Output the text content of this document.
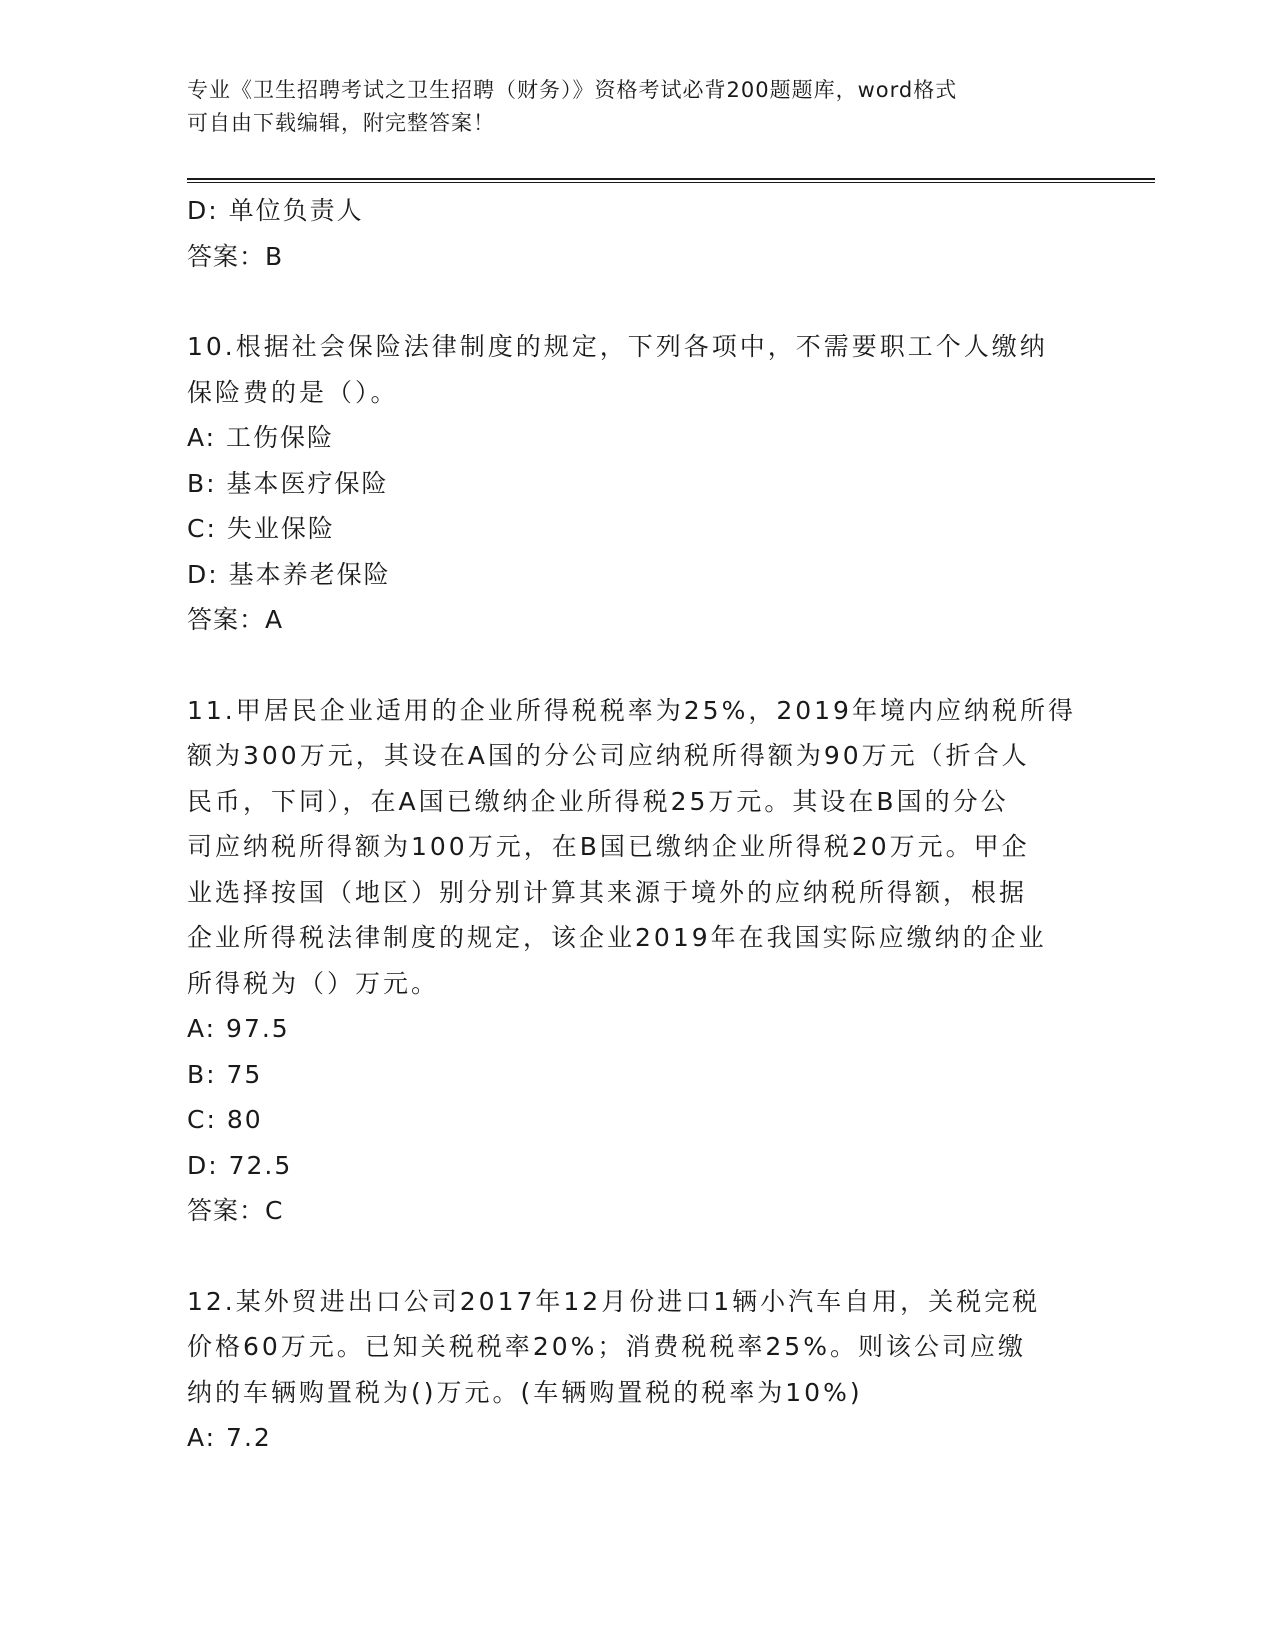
专业《卫生招聘考试之卫生招聘（财务）》资格考试必背200题题库，word格式
可自由下载编辑，附完整答案！

D: 单位负责人

答案：B

10.根据社会保险法律制度的规定，下列各项中，不需要职工个人缴纳

保险费的是（）。

A: 工伤保险

B: 基本医疗保险

C: 失业保险

D: 基本养老保险

答案：A

11.甲居民企业适用的企业所得税税率为25%，2019年境内应纳税所得

额为300万元，其设在A国的分公司应纳税所得额为90万元（折合人

民币，下同），在A国已缴纳企业所得税25万元。其设在B国的分公

司应纳税所得额为100万元，在B国已缴纳企业所得税20万元。甲企

业选择按国（地区）别分别计算其来源于境外的应纳税所得额，根据

企业所得税法律制度的规定，该企业2019年在我国实际应缴纳的企业

所得税为（）万元。

A: 97.5

B: 75

C: 80

D: 72.5

答案：C

12.某外贸进出口公司2017年12月份进口1辆小汽车自用，关税完税

价格60万元。已知关税税率20%；消费税税率25%。则该公司应缴

纳的车辆购置税为()万元。(车辆购置税的税率为10%)

A: 7.2
